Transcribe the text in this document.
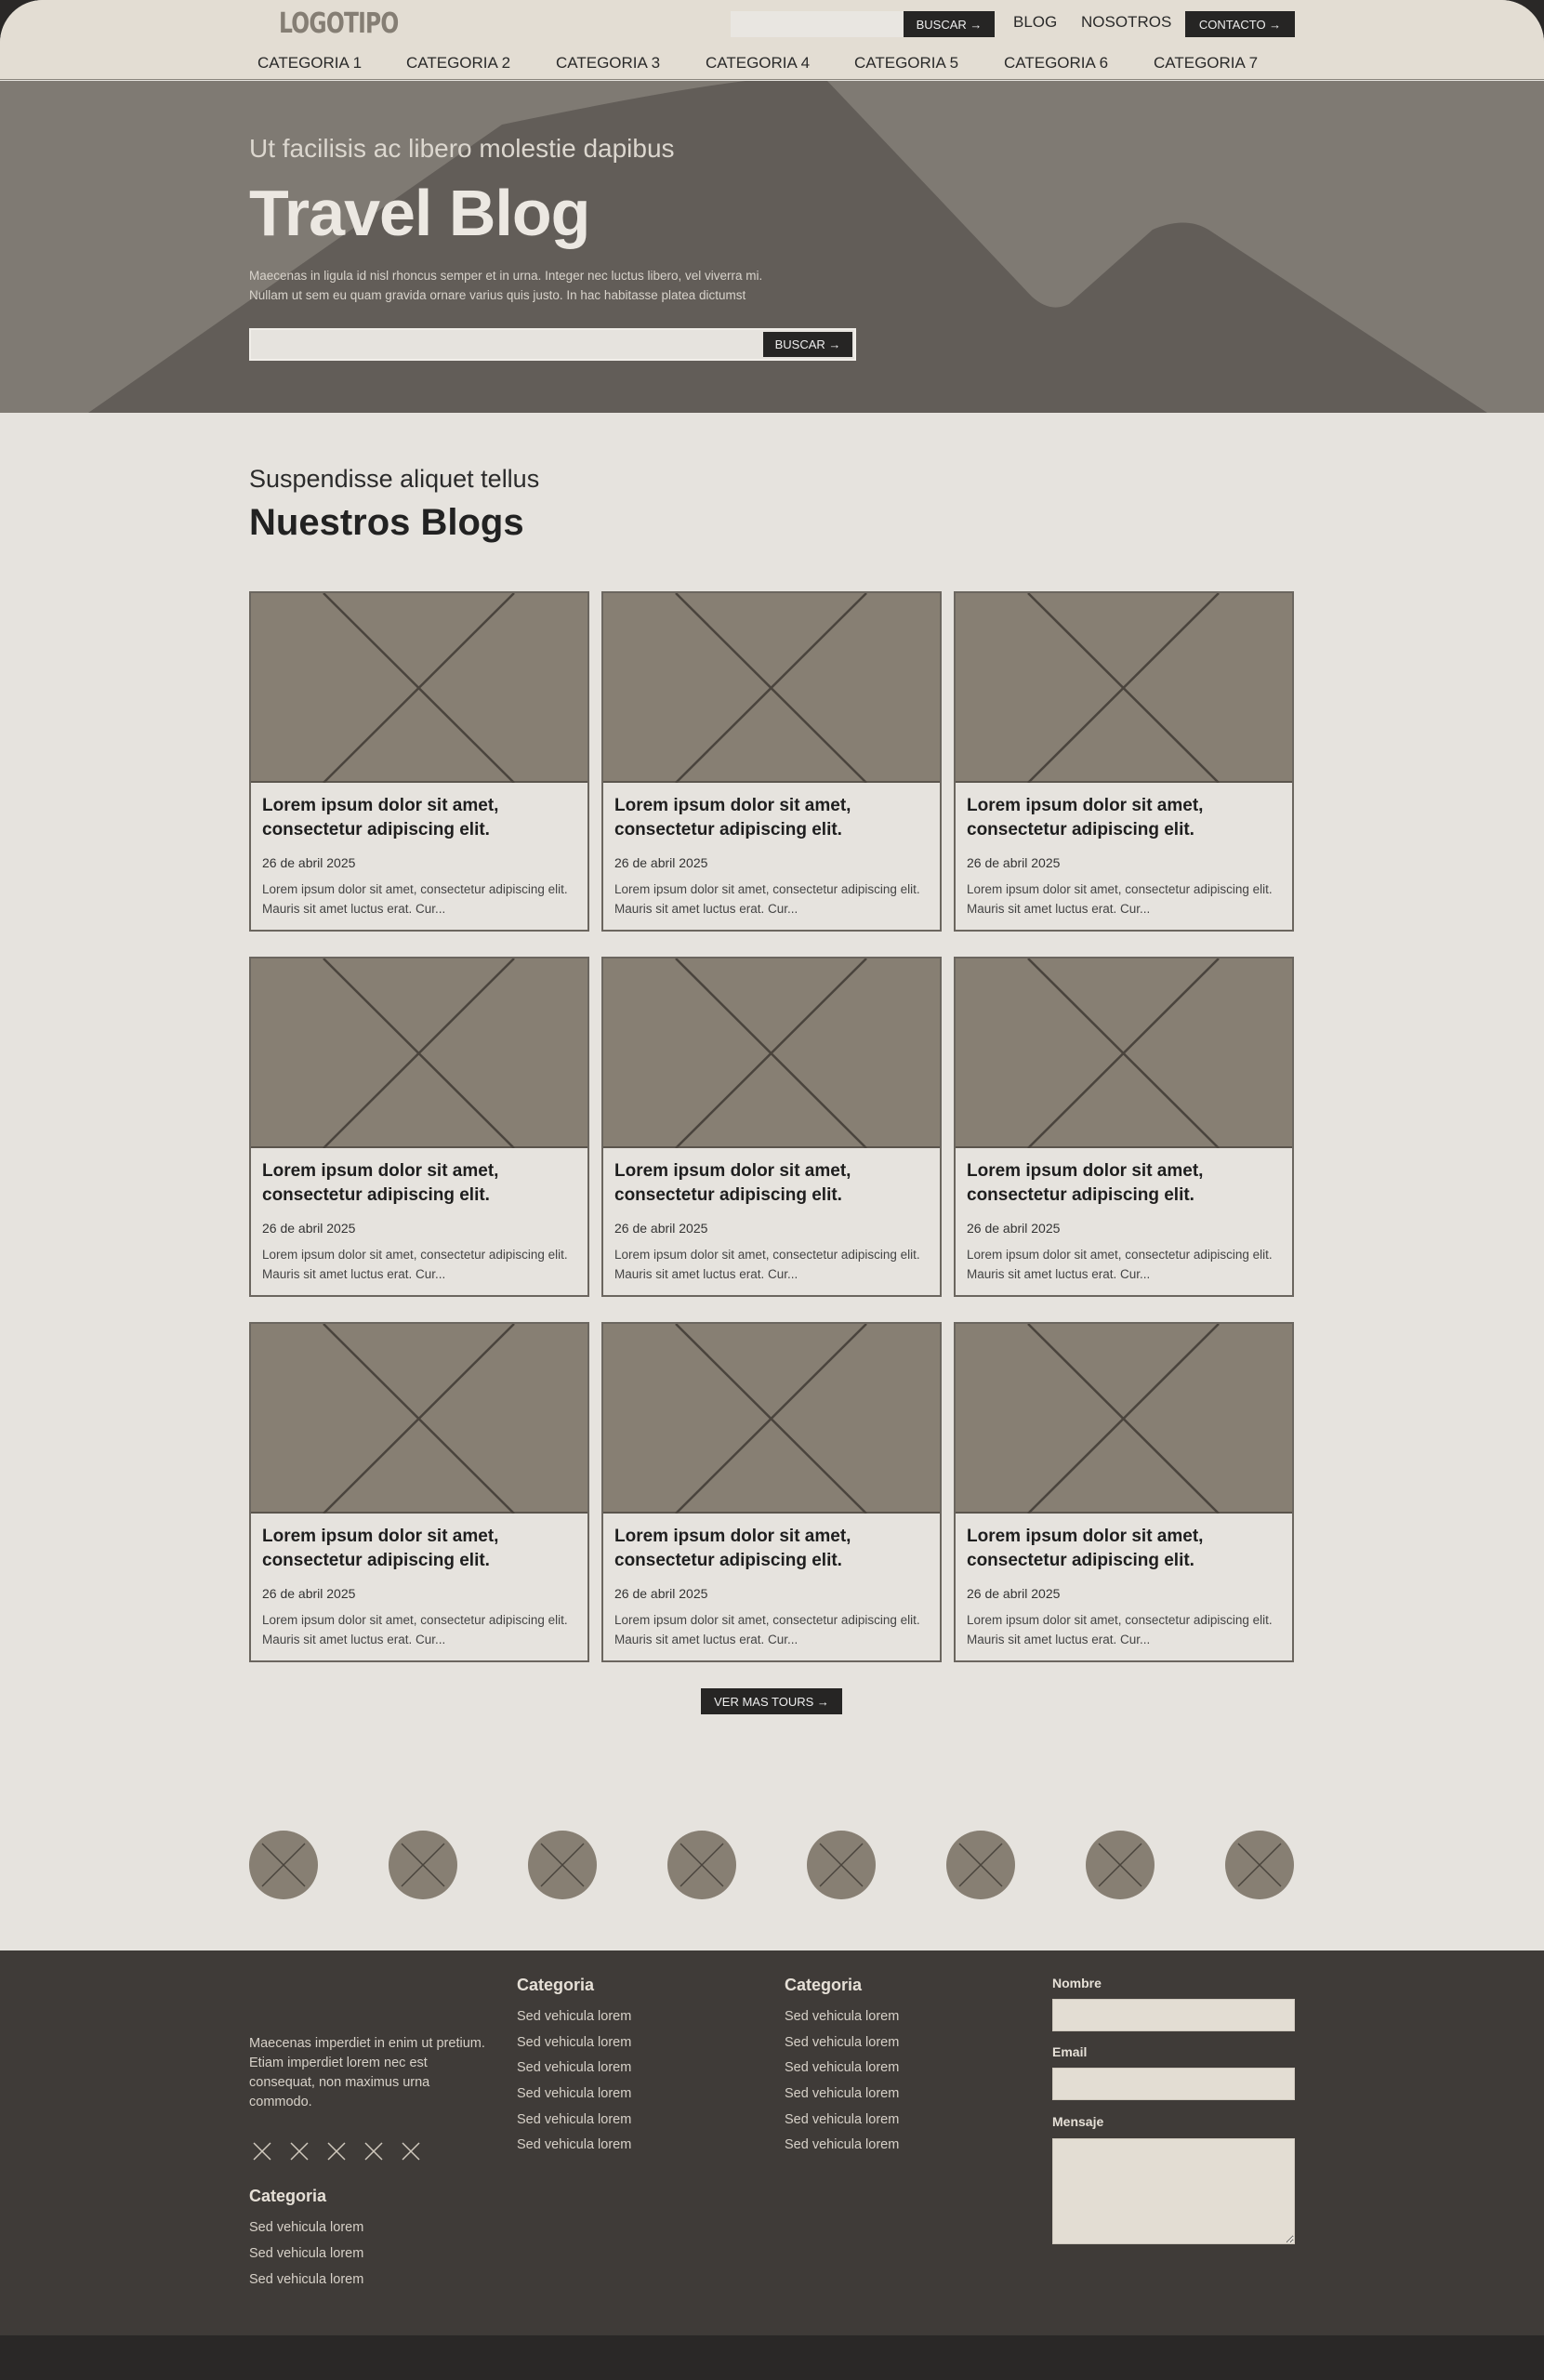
LOGOTIPO	BUSCAR →	BLOG NOSOTROS	CONTACTO →
CATEGORIA 1	CATEGORIA 2	CATEGORIA 3	CATEGORIA 4	CATEGORIA 5	CATEGORIA 6	CATEGORIA 7
Ut facilisis ac libero molestie dapibus
Travel Blog
Maecenas in ligula id nisl rhoncus semper et in urna. Integer nec luctus libero, vel viverra mi.
Nullam ut sem eu quam gravida ornare varius quis justo. In hac habitasse platea dictumst
BUSCAR →
Suspendisse aliquet tellus
Nuestros Blogs
Lorem ipsum dolor sit amet, consectetur adipiscing elit.
26 de abril 2025
Lorem ipsum dolor sit amet, consectetur adipiscing elit. Mauris sit amet luctus erat. Cur...
Lorem ipsum dolor sit amet, consectetur adipiscing elit.
26 de abril 2025
Lorem ipsum dolor sit amet, consectetur adipiscing elit. Mauris sit amet luctus erat. Cur...
Lorem ipsum dolor sit amet, consectetur adipiscing elit.
26 de abril 2025
Lorem ipsum dolor sit amet, consectetur adipiscing elit. Mauris sit amet luctus erat. Cur...
Lorem ipsum dolor sit amet, consectetur adipiscing elit.
26 de abril 2025
Lorem ipsum dolor sit amet, consectetur adipiscing elit. Mauris sit amet luctus erat. Cur...
Lorem ipsum dolor sit amet, consectetur adipiscing elit.
26 de abril 2025
Lorem ipsum dolor sit amet, consectetur adipiscing elit. Mauris sit amet luctus erat. Cur...
Lorem ipsum dolor sit amet, consectetur adipiscing elit.
26 de abril 2025
Lorem ipsum dolor sit amet, consectetur adipiscing elit. Mauris sit amet luctus erat. Cur...
Lorem ipsum dolor sit amet, consectetur adipiscing elit.
26 de abril 2025
Lorem ipsum dolor sit amet, consectetur adipiscing elit. Mauris sit amet luctus erat. Cur...
Lorem ipsum dolor sit amet, consectetur adipiscing elit.
26 de abril 2025
Lorem ipsum dolor sit amet, consectetur adipiscing elit. Mauris sit amet luctus erat. Cur...
Lorem ipsum dolor sit amet, consectetur adipiscing elit.
26 de abril 2025
Lorem ipsum dolor sit amet, consectetur adipiscing elit. Mauris sit amet luctus erat. Cur...
VER MAS TOURS →
Maecenas imperdiet in enim ut pretium. Etiam imperdiet lorem nec est consequat, non maximus urna commodo.
Categoria
Sed vehicula lorem
Sed vehicula lorem
Sed vehicula lorem
Categoria
Sed vehicula lorem
Sed vehicula lorem
Sed vehicula lorem
Sed vehicula lorem
Sed vehicula lorem
Sed vehicula lorem
Categoria
Sed vehicula lorem
Sed vehicula lorem
Sed vehicula lorem
Sed vehicula lorem
Sed vehicula lorem
Sed vehicula lorem
Nombre
Email
Mensaje
